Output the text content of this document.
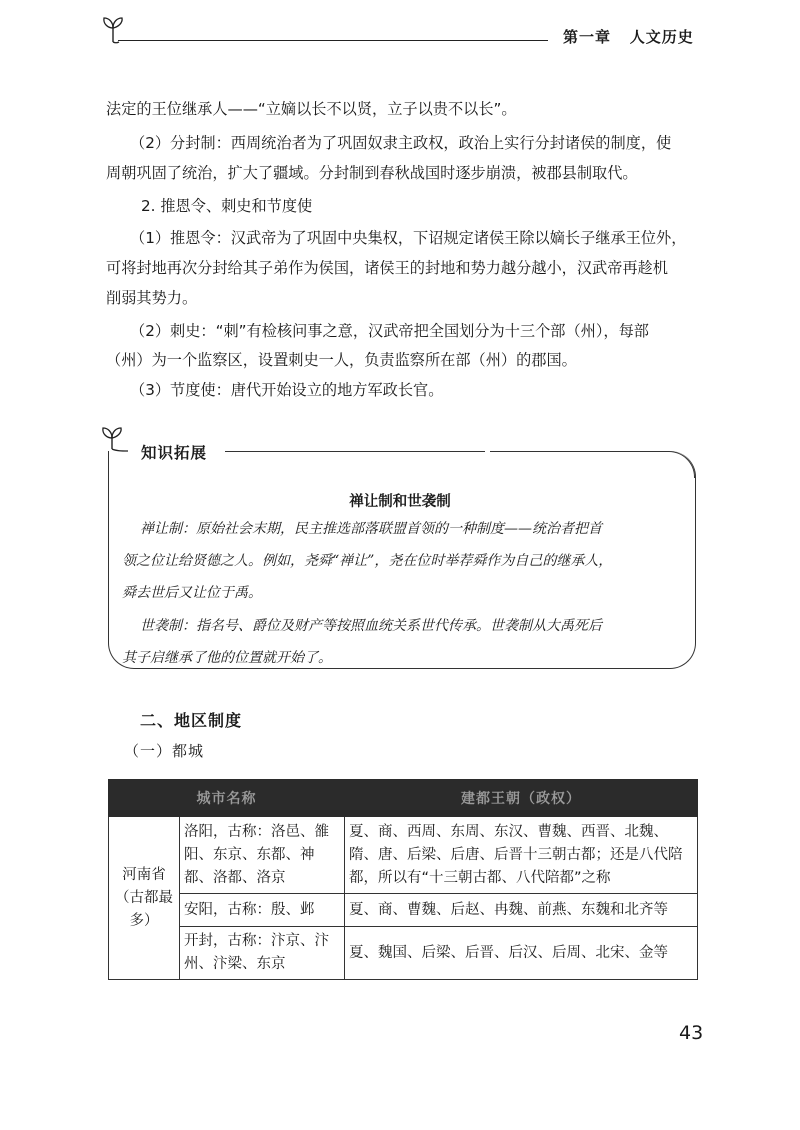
第一章 人文历史
法定的王位继承人——“立嫡以长不以贤，立子以贵不以长”。
（2）分封制：西周统治者为了巩固奴隶主政权，政治上实行分封诸侯的制度，使
周朝巩固了统治，扩大了疆域。分封制到春秋战国时逐步崩溃，被郡县制取代。
2. 推恩令、刺史和节度使
（1）推恩令：汉武帝为了巩固中央集权，下诏规定诸侯王除以嫡长子继承王位外，
可将封地再次分封给其子弟作为侯国，诸侯王的封地和势力越分越小，汉武帝再趁机
削弱其势力。
（2）刺史：“刺”有检核问事之意，汉武帝把全国划分为十三个部（州），每部
（州）为一个监察区，设置刺史一人，负责监察所在部（州）的郡国。
（3）节度使：唐代开始设立的地方军政长官。
知识拓展
禅让制和世袭制
禅让制：原始社会末期，民主推选部落联盟首领的一种制度——统治者把首
领之位让给贤德之人。例如，尧舜“禅让”，尧在位时举荐舜作为自己的继承人，
舜去世后又让位于禹。
世袭制：指名号、爵位及财产等按照血统关系世代传承。世袭制从大禹死后
其子启继承了他的位置就开始了。
二、地区制度
（一）都城
城市名称		建都王朝（政权）
河南省（古都最多）	洛阳，古称：洛邑、雒阳、东京、东都、神都、洛都、洛京	夏、商、西周、东周、东汉、曹魏、西晋、北魏、隋、唐、后梁、后唐、后晋十三朝古都；还是八代陪都，所以有“十三朝古都、八代陪都”之称
	安阳，古称：殷、邺	夏、商、曹魏、后赵、冉魏、前燕、东魏和北齐等
	开封，古称：汴京、汴州、汴梁、东京	夏、魏国、后梁、后晋、后汉、后周、北宋、金等
43
